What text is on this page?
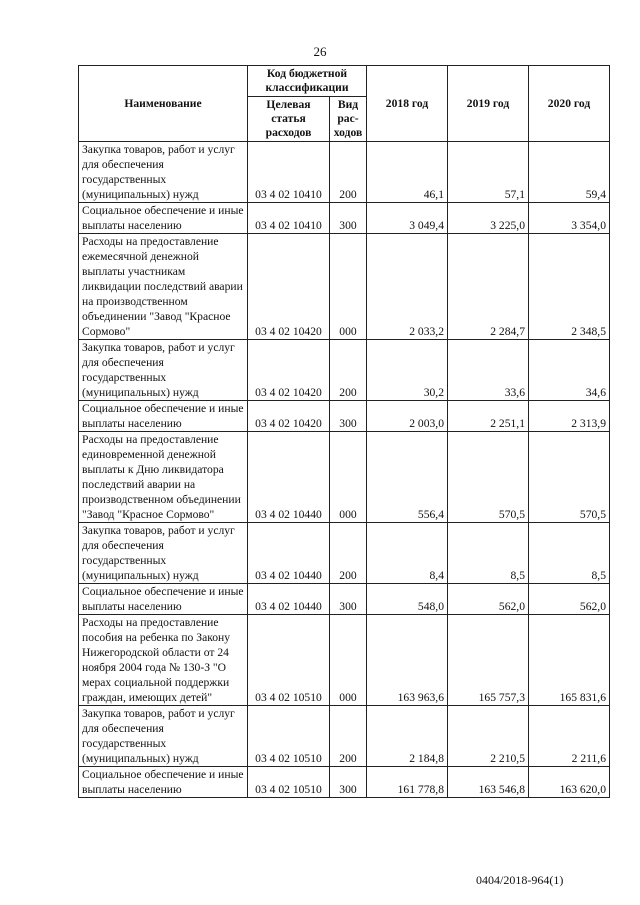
26
Наименование	Код бюджетной классификации		2018 год	2019 год	2020 год
	Целевая статья расходов	Вид рас- ходов			
Закупка товаров, работ и услуг для обеспечения государственных (муниципальных) нужд	03 4 02 10410	200	46,1	57,1	59,4
Социальное обеспечение и иные выплаты населению	03 4 02 10410	300	3 049,4	3 225,0	3 354,0
Расходы на предоставление ежемесячной денежной выплаты участникам ликвидации последствий аварии на производственном объединении "Завод "Красное Сормово"	03 4 02 10420	000	2 033,2	2 284,7	2 348,5
Закупка товаров, работ и услуг для обеспечения государственных (муниципальных) нужд	03 4 02 10420	200	30,2	33,6	34,6
Социальное обеспечение и иные выплаты населению	03 4 02 10420	300	2 003,0	2 251,1	2 313,9
Расходы на предоставление единовременной денежной выплаты к Дню ликвидатора последствий аварии на производственном объединении "Завод "Красное Сормово"	03 4 02 10440	000	556,4	570,5	570,5
Закупка товаров, работ и услуг для обеспечения государственных (муниципальных) нужд	03 4 02 10440	200	8,4	8,5	8,5
Социальное обеспечение и иные выплаты населению	03 4 02 10440	300	548,0	562,0	562,0
Расходы на предоставление пособия на ребенка по Закону Нижегородской области от 24 ноября 2004 года № 130-З "О мерах социальной поддержки граждан, имеющих детей"	03 4 02 10510	000	163 963,6	165 757,3	165 831,6
Закупка товаров, работ и услуг для обеспечения государственных (муниципальных) нужд	03 4 02 10510	200	2 184,8	2 210,5	2 211,6
Социальное обеспечение и иные выплаты населению	03 4 02 10510	300	161 778,8	163 546,8	163 620,0
0404/2018-964(1)
